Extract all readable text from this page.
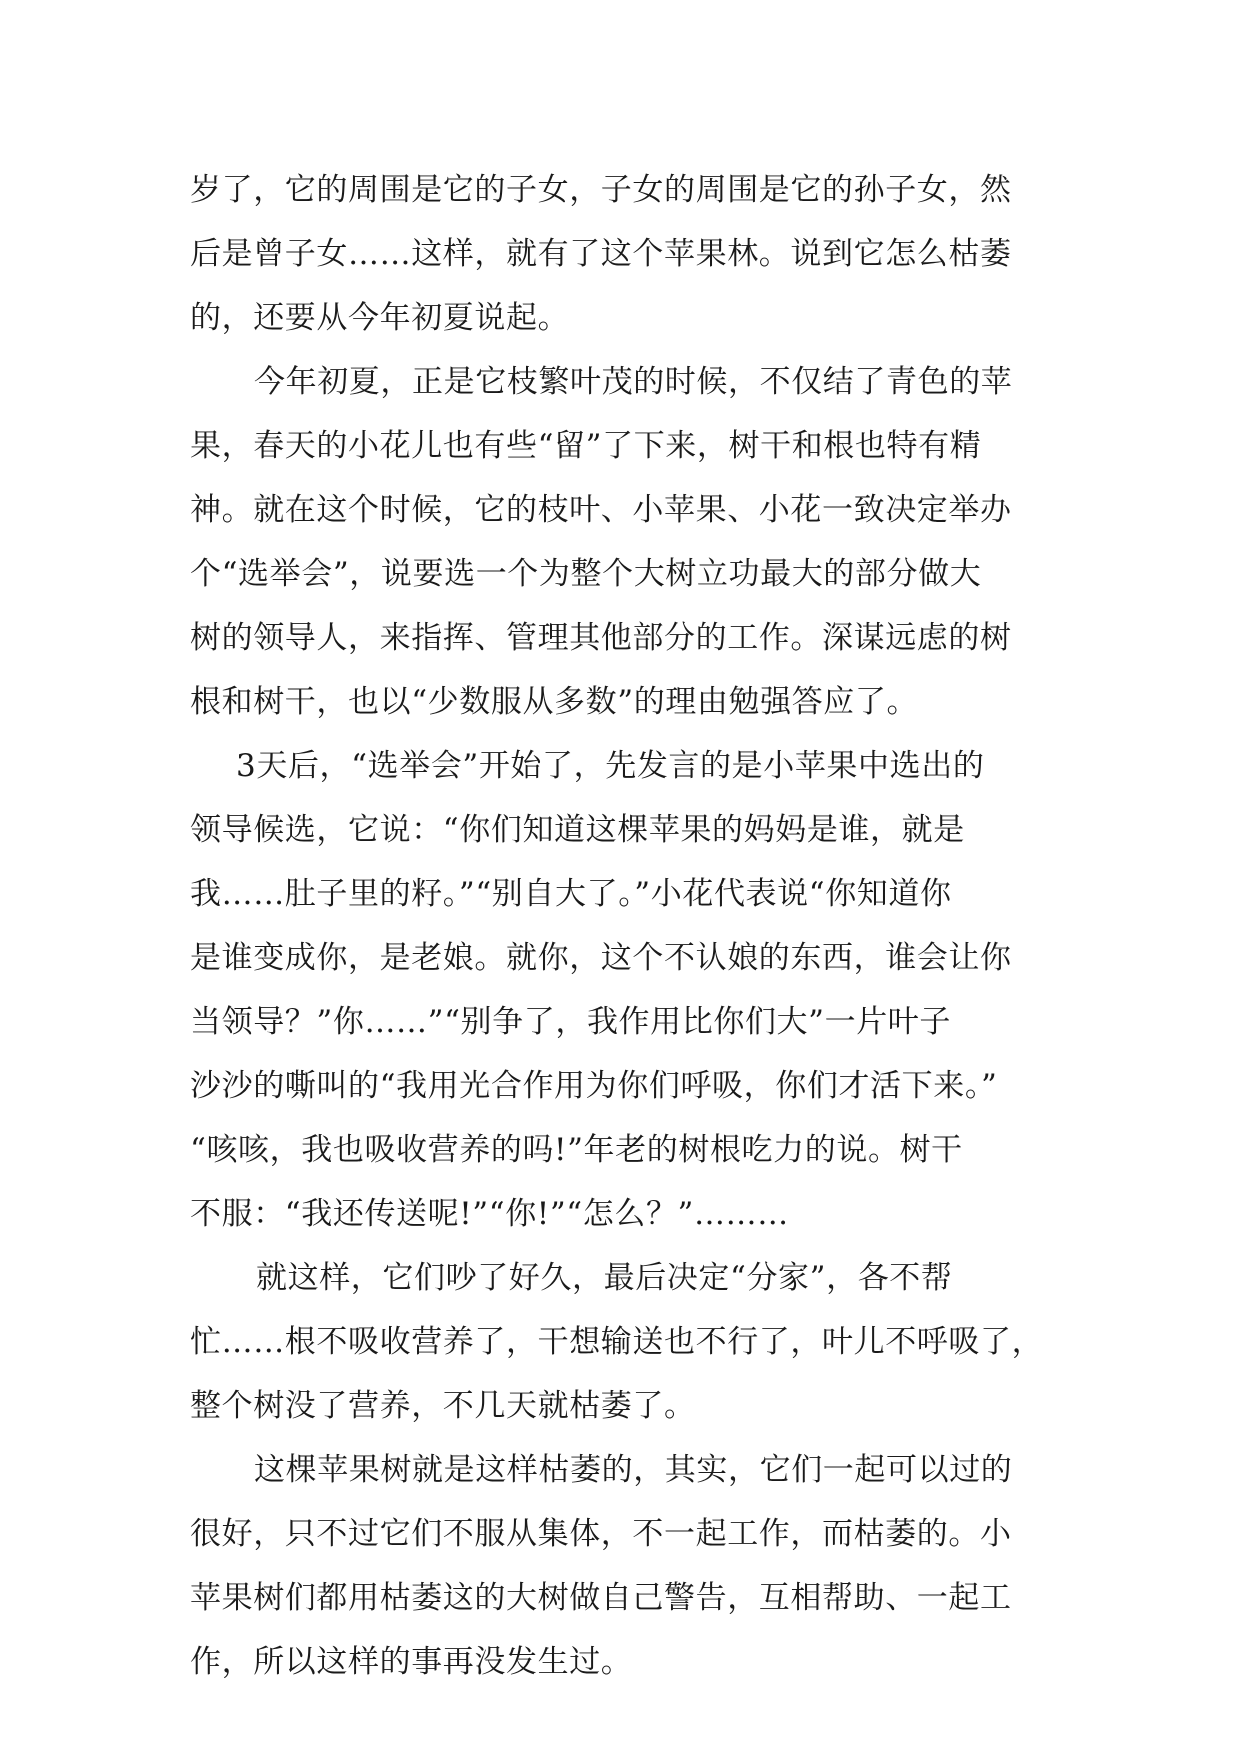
岁了，它的周围是它的子女，子女的周围是它的孙子女，然
后是曾子女……这样，就有了这个苹果林。说到它怎么枯萎
的，还要从今年初夏说起。
今年初夏，正是它枝繁叶茂的时候，不仅结了青色的苹
果，春天的小花儿也有些“留”了下来，树干和根也特有精
神。就在这个时候，它的枝叶、小苹果、小花一致决定举办
个“选举会”，说要选一个为整个大树立功最大的部分做大
树的领导人，来指挥、管理其他部分的工作。深谋远虑的树
根和树干，也以“少数服从多数”的理由勉强答应了。
3天后，“选举会”开始了，先发言的是小苹果中选出的
领导候选，它说：“你们知道这棵苹果的妈妈是谁，就是
我……肚子里的籽。”“别自大了。”小花代表说“你知道你
是谁变成你，是老娘。就你，这个不认娘的东西，谁会让你
当领导？”你……”“别争了，我作用比你们大”一片叶子
沙沙的嘶叫的“我用光合作用为你们呼吸，你们才活下来。”
“咳咳，我也吸收营养的吗!”年老的树根吃力的说。树干
不服：“我还传送呢!”“你!”“怎么？”………
就这样，它们吵了好久，最后决定“分家”，各不帮
忙……根不吸收营养了，干想输送也不行了，叶儿不呼吸了，
整个树没了营养，不几天就枯萎了。
这棵苹果树就是这样枯萎的，其实，它们一起可以过的
很好，只不过它们不服从集体，不一起工作，而枯萎的。小
苹果树们都用枯萎这的大树做自己警告，互相帮助、一起工
作，所以这样的事再没发生过。
